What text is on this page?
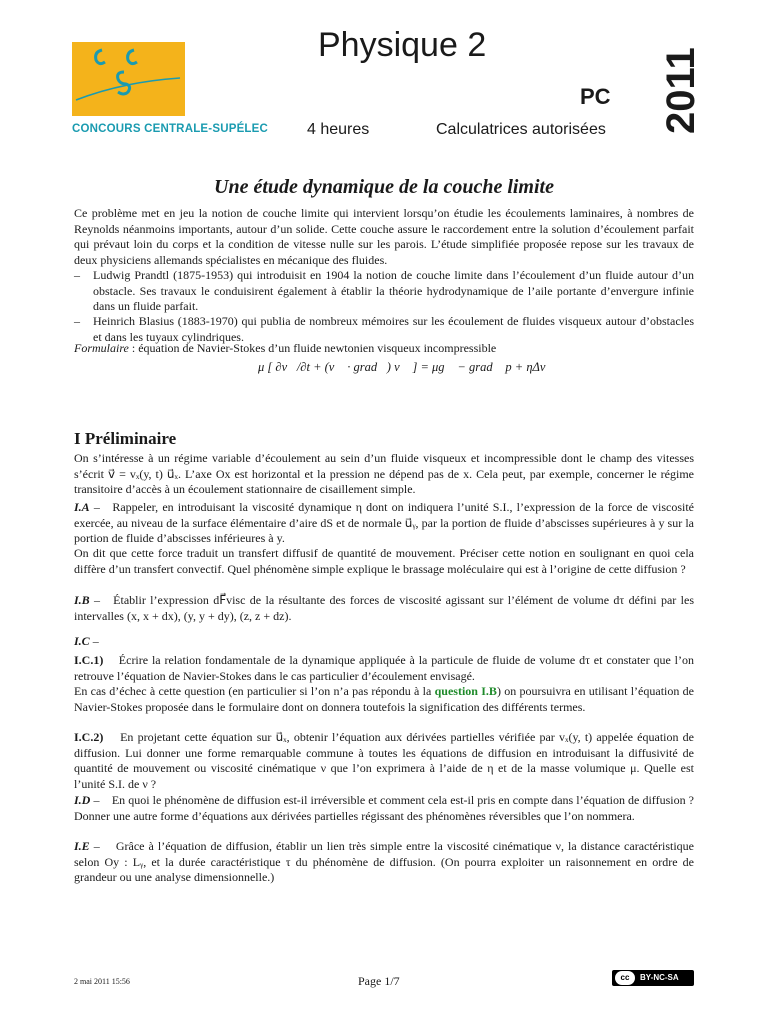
CONCOURS CENTRALE-SUPÉLEC
Physique 2
PC 2011
4 heures	Calculatrices autorisées
Une étude dynamique de la couche limite

Ce problème met en jeu la notion de couche limite qui intervient lorsqu’on étudie les écoulements laminaires, à nombres de Reynolds néanmoins importants, autour d’un solide. Cette couche assure le raccordement entre la solution d’écoulement parfait qui prévaut loin du corps et la condition de vitesse nulle sur les parois. L’étude simplifiée proposée repose sur les travaux de deux physiciens allemands spécialistes en mécanique des fluides.

– Ludwig Prandtl (1875-1953) qui introduisit en 1904 la notion de couche limite dans l’écoulement d’un fluide autour d’un obstacle. Ses travaux le conduisirent également à établir la théorie hydrodynamique de l’aile portante d’envergure infinie dans un fluide parfait.
– Heinrich Blasius (1883-1970) qui publia de nombreux mémoires sur les écoulement de fluides visqueux autour d’obstacles et dans les tuyaux cylindriques.

Formulaire : équation de Navier-Stokes d’un fluide newtonien visqueux incompressible

μ [ ∂v⃗/∂t + (v⃗ · grad⃗) v⃗ ] = μg⃗ − grad⃗ p + ηΔv⃗
I Préliminaire

On s’intéresse à un régime variable d’écoulement au sein d’un fluide visqueux et incompressible dont le champ des vitesses s’écrit v⃗ = vₓ(y, t) u⃗ₓ. L’axe Ox est horizontal et la pression ne dépend pas de x. Cela peut, par exemple, concerner le régime transitoire d’accès à un écoulement stationnaire de cisaillement simple.

I.A –   Rappeler, en introduisant la viscosité dynamique η dont on indiquera l’unité S.I., l’expression de la force de viscosité exercée, au niveau de la surface élémentaire d’aire dS et de normale u⃗ᵧ, par la portion de fluide d’abscisses supérieures à y sur la portion de fluide d’abscisses inférieures à y.

On dit que cette force traduit un transfert diffusif de quantité de mouvement. Préciser cette notion en soulignant en quoi cela diffère d’un transfert convectif. Quel phénomène simple explique le brassage moléculaire qui est à l’origine de cette diffusion ?

I.B –   Établir l’expression dF⃗visc de la résultante des forces de viscosité agissant sur l’élément de volume dτ défini par les intervalles (x, x + dx), (y, y + dy), (z, z + dz).

I.C –

I.C.1) Écrire la relation fondamentale de la dynamique appliquée à la particule de fluide de volume dτ et constater que l’on retrouve l’équation de Navier-Stokes dans le cas particulier d’écoulement envisagé.

En cas d’échec à cette question (en particulier si l’on n’a pas répondu à la question I.B) on poursuivra en utilisant l’équation de Navier-Stokes proposée dans le formulaire dont on donnera toutefois la signification des différents termes.

I.C.2) En projetant cette équation sur u⃗ₓ, obtenir l’équation aux dérivées partielles vérifiée par vₓ(y, t) appelée équation de diffusion. Lui donner une forme remarquable commune à toutes les équations de diffusion en introduisant la diffusivité de quantité de mouvement ou viscosité cinématique ν que l’on exprimera à l’aide de η et de la masse volumique μ. Quelle est l’unité S.I. de ν ?

I.D –    En quoi le phénomène de diffusion est-il irréversible et comment cela est-il pris en compte dans l’équation de diffusion ? Donner une autre forme d’équations aux dérivées partielles régissant des phénomènes réversibles que l’on nommera.

I.E –    Grâce à l’équation de diffusion, établir un lien très simple entre la viscosité cinématique ν, la distance caractéristique selon Oy : Lᵧ, et la durée caractéristique τ du phénomène de diffusion. (On pourra exploiter un raisonnement en ordre de grandeur ou une analyse dimensionnelle.)

2 mai 2011 15:56	Page 1/7	cc	BY-NC-SA
